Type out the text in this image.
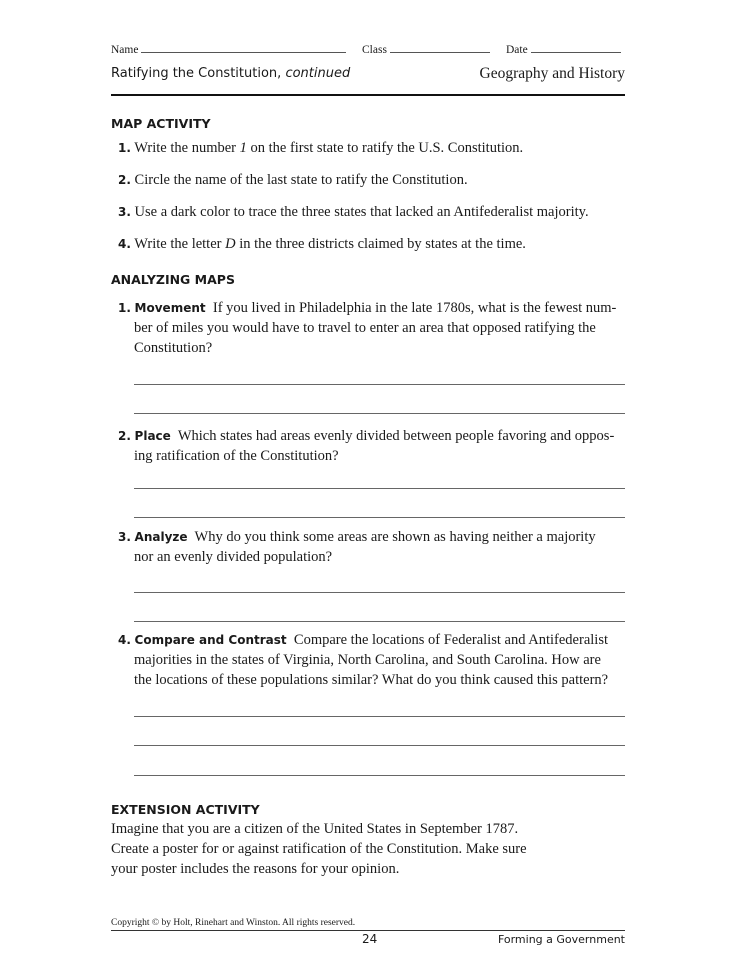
Name	Class	Date
Ratifying the Constitution, continued	Geography and History
MAP ACTIVITY
1. Write the number 1 on the first state to ratify the U.S. Constitution.
2. Circle the name of the last state to ratify the Constitution.
3. Use a dark color to trace the three states that lacked an Antifederalist majority.
4. Write the letter D in the three districts claimed by states at the time.
ANALYZING MAPS
1. Movement If you lived in Philadelphia in the late 1780s, what is the fewest num-
ber of miles you would have to travel to enter an area that opposed ratifying the
Constitution?
2. Place Which states had areas evenly divided between people favoring and oppos-
ing ratification of the Constitution?
3. Analyze Why do you think some areas are shown as having neither a majority
nor an evenly divided population?
4. Compare and Contrast Compare the locations of Federalist and Antifederalist
majorities in the states of Virginia, North Carolina, and South Carolina. How are
the locations of these populations similar? What do you think caused this pattern?
EXTENSION ACTIVITY
Imagine that you are a citizen of the United States in September 1787.
Create a poster for or against ratification of the Constitution. Make sure
your poster includes the reasons for your opinion.
Copyright © by Holt, Rinehart and Winston. All rights reserved.
24	Forming a Government
